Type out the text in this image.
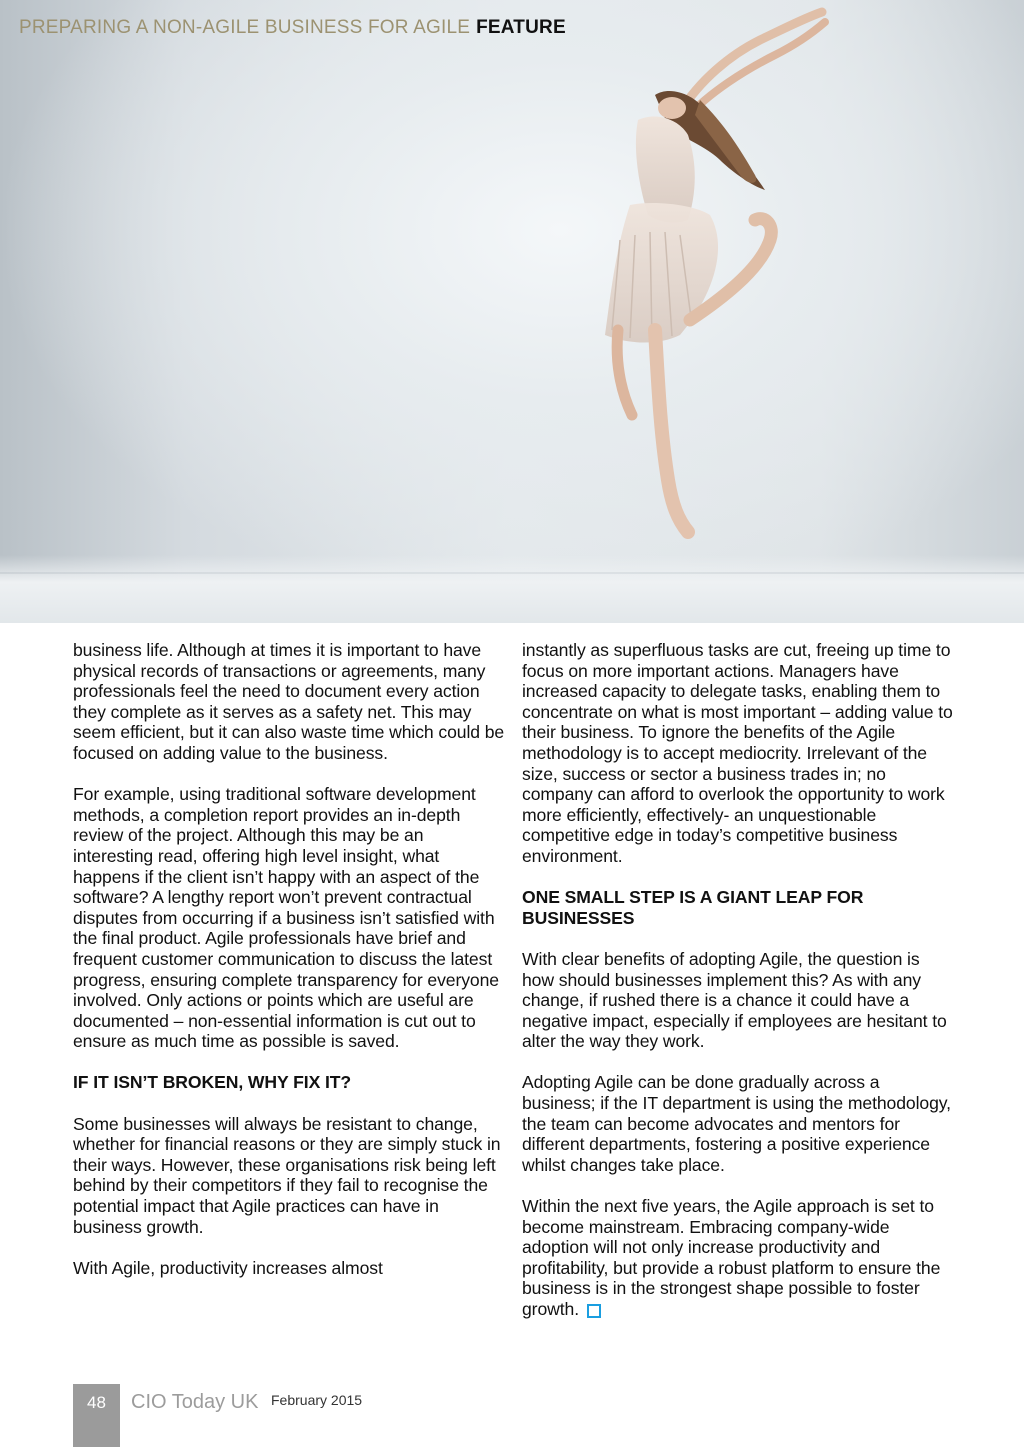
PREPARING A NON-AGILE BUSINESS FOR AGILE FEATURE

business life. Although at times it is important to have physical records of transactions or agreements, many professionals feel the need to document every action they complete as it serves as a safety net. This may seem efficient, but it can also waste time which could be focused on adding value to the business.

For example, using traditional software development methods, a completion report provides an in-depth review of the project. Although this may be an interesting read, offering high level insight, what happens if the client isn’t happy with an aspect of the software? A lengthy report won’t prevent contractual disputes from occurring if a business isn’t satisfied with the final product. Agile professionals have brief and frequent customer communication to discuss the latest progress, ensuring complete transparency for everyone involved. Only actions or points which are useful are documented – non-essential information is cut out to ensure as much time as possible is saved.

IF IT ISN’T BROKEN, WHY FIX IT?

Some businesses will always be resistant to change, whether for financial reasons or they are simply stuck in their ways. However, these organisations risk being left behind by their competitors if they fail to recognise the potential impact that Agile practices can have in business growth.

With Agile, productivity increases almost

instantly as superfluous tasks are cut, freeing up time to focus on more important actions. Managers have increased capacity to delegate tasks, enabling them to concentrate on what is most important – adding value to their business. To ignore the benefits of the Agile methodology is to accept mediocrity. Irrelevant of the size, success or sector a business trades in; no company can afford to overlook the opportunity to work more efficiently, effectively- an unquestionable competitive edge in today’s competitive business environment.

ONE SMALL STEP IS A GIANT LEAP FOR BUSINESSES

With clear benefits of adopting Agile, the question is how should businesses implement this? As with any change, if rushed there is a chance it could have a negative impact, especially if employees are hesitant to alter the way they work.

Adopting Agile can be done gradually across a business; if the IT department is using the methodology, the team can become advocates and mentors for different departments, fostering a positive experience whilst changes take place.

Within the next five years, the Agile approach is set to become mainstream. Embracing company-wide adoption will not only increase productivity and profitability, but provide a robust platform to ensure the business is in the strongest shape possible to foster growth.

48	CIO Today UK February 2015
